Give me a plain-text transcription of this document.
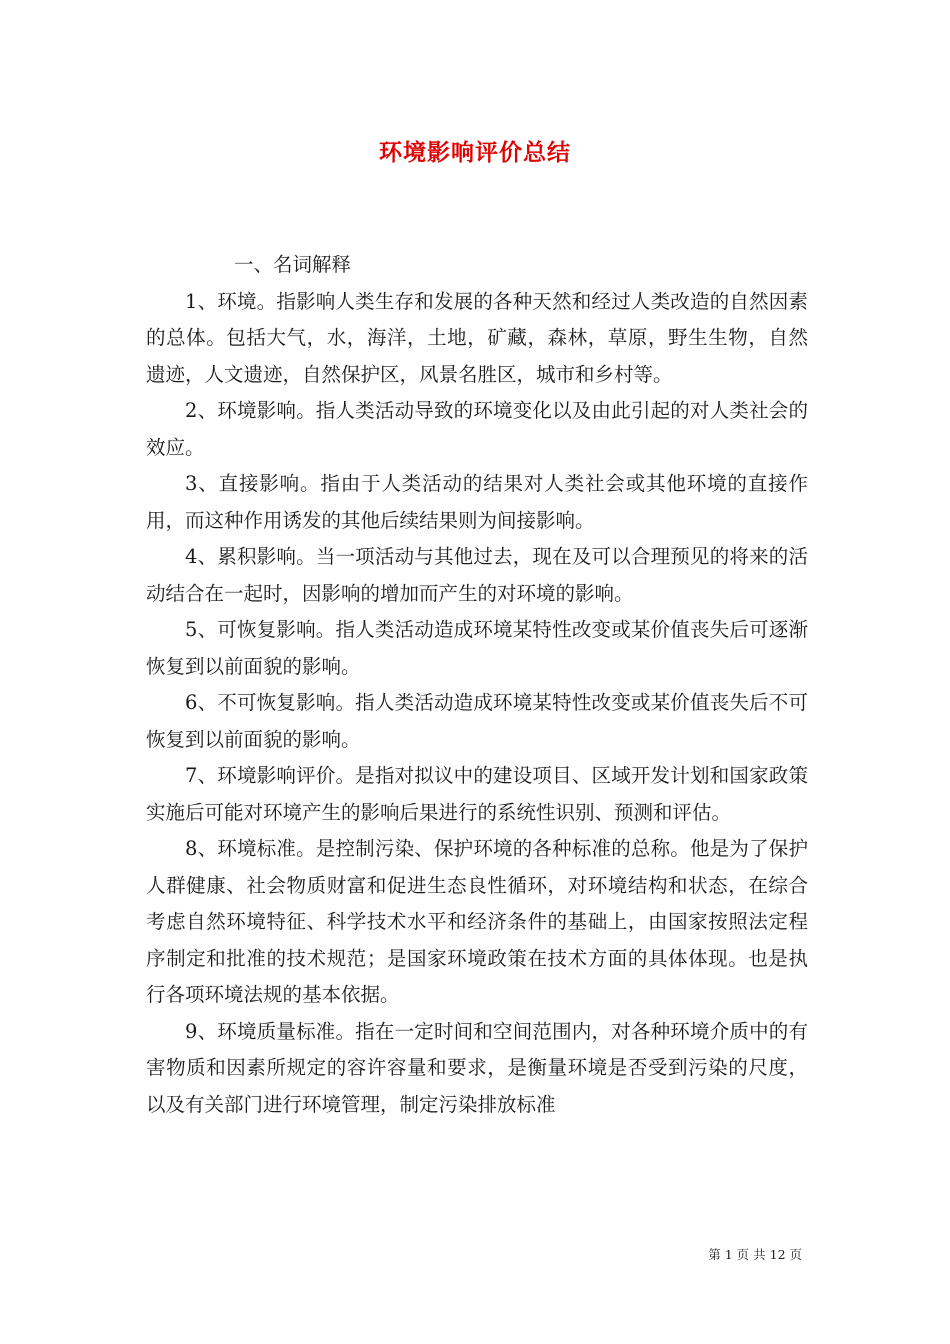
环境影响评价总结

一、名词解释

1、环境。指影响人类生存和发展的各种天然和经过人类改造的自然因素的总体。包括大气，水，海洋，土地，矿藏，森林，草原，野生生物，自然遗迹，人文遗迹，自然保护区，风景名胜区，城市和乡村等。

2、环境影响。指人类活动导致的环境变化以及由此引起的对人类社会的效应。

3、直接影响。指由于人类活动的结果对人类社会或其他环境的直接作用，而这种作用诱发的其他后续结果则为间接影响。

4、累积影响。当一项活动与其他过去，现在及可以合理预见的将来的活动结合在一起时，因影响的增加而产生的对环境的影响。

5、可恢复影响。指人类活动造成环境某特性改变或某价值丧失后可逐渐恢复到以前面貌的影响。

6、不可恢复影响。指人类活动造成环境某特性改变或某价值丧失后不可恢复到以前面貌的影响。

7、环境影响评价。是指对拟议中的建设项目、区域开发计划和国家政策实施后可能对环境产生的影响后果进行的系统性识别、预测和评估。

8、环境标准。是控制污染、保护环境的各种标准的总称。他是为了保护人群健康、社会物质财富和促进生态良性循环，对环境结构和状态，在综合考虑自然环境特征、科学技术水平和经济条件的基础上，由国家按照法定程序制定和批准的技术规范；是国家环境政策在技术方面的具体体现。也是执行各项环境法规的基本依据。

9、环境质量标准。指在一定时间和空间范围内，对各种环境介质中的有害物质和因素所规定的容许容量和要求，是衡量环境是否受到污染的尺度，以及有关部门进行环境管理，制定污染排放标准

第 1 页 共 12 页
